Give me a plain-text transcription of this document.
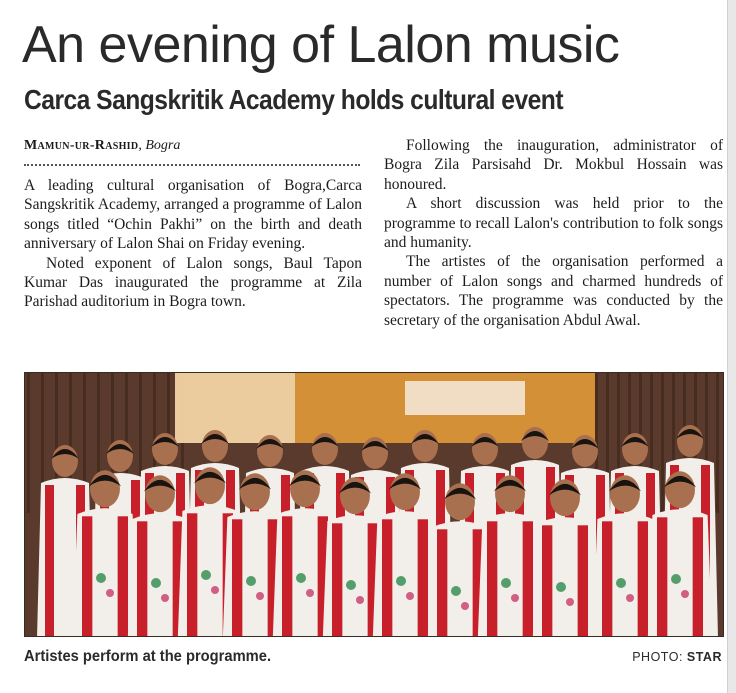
An evening of Lalon music
Carca Sangskritik Academy holds cultural event
Mamun-ur-Rashid, Bogra

A leading cultural organisation of Bogra,Carca Sangskritik Academy, arranged a programme of Lalon songs titled “Ochin Pakhi” on the birth and death anniversary of Lalon Shai on Friday evening.

Noted exponent of Lalon songs, Baul Tapon Kumar Das inaugurated the programme at Zila Parishad auditorium in Bogra town.

Following the inauguration, administrator of Bogra Zila Parsisahd Dr. Mokbul Hossain was honoured.

A short discussion was held prior to the programme to recall Lalon's contribution to folk songs and humanity.

The artistes of the organisation performed a number of Lalon songs and charmed hundreds of spectators. The programme was conducted by the secretary of the organisation Abdul Awal.

Artistes perform at the programme.	PHOTO: STAR
